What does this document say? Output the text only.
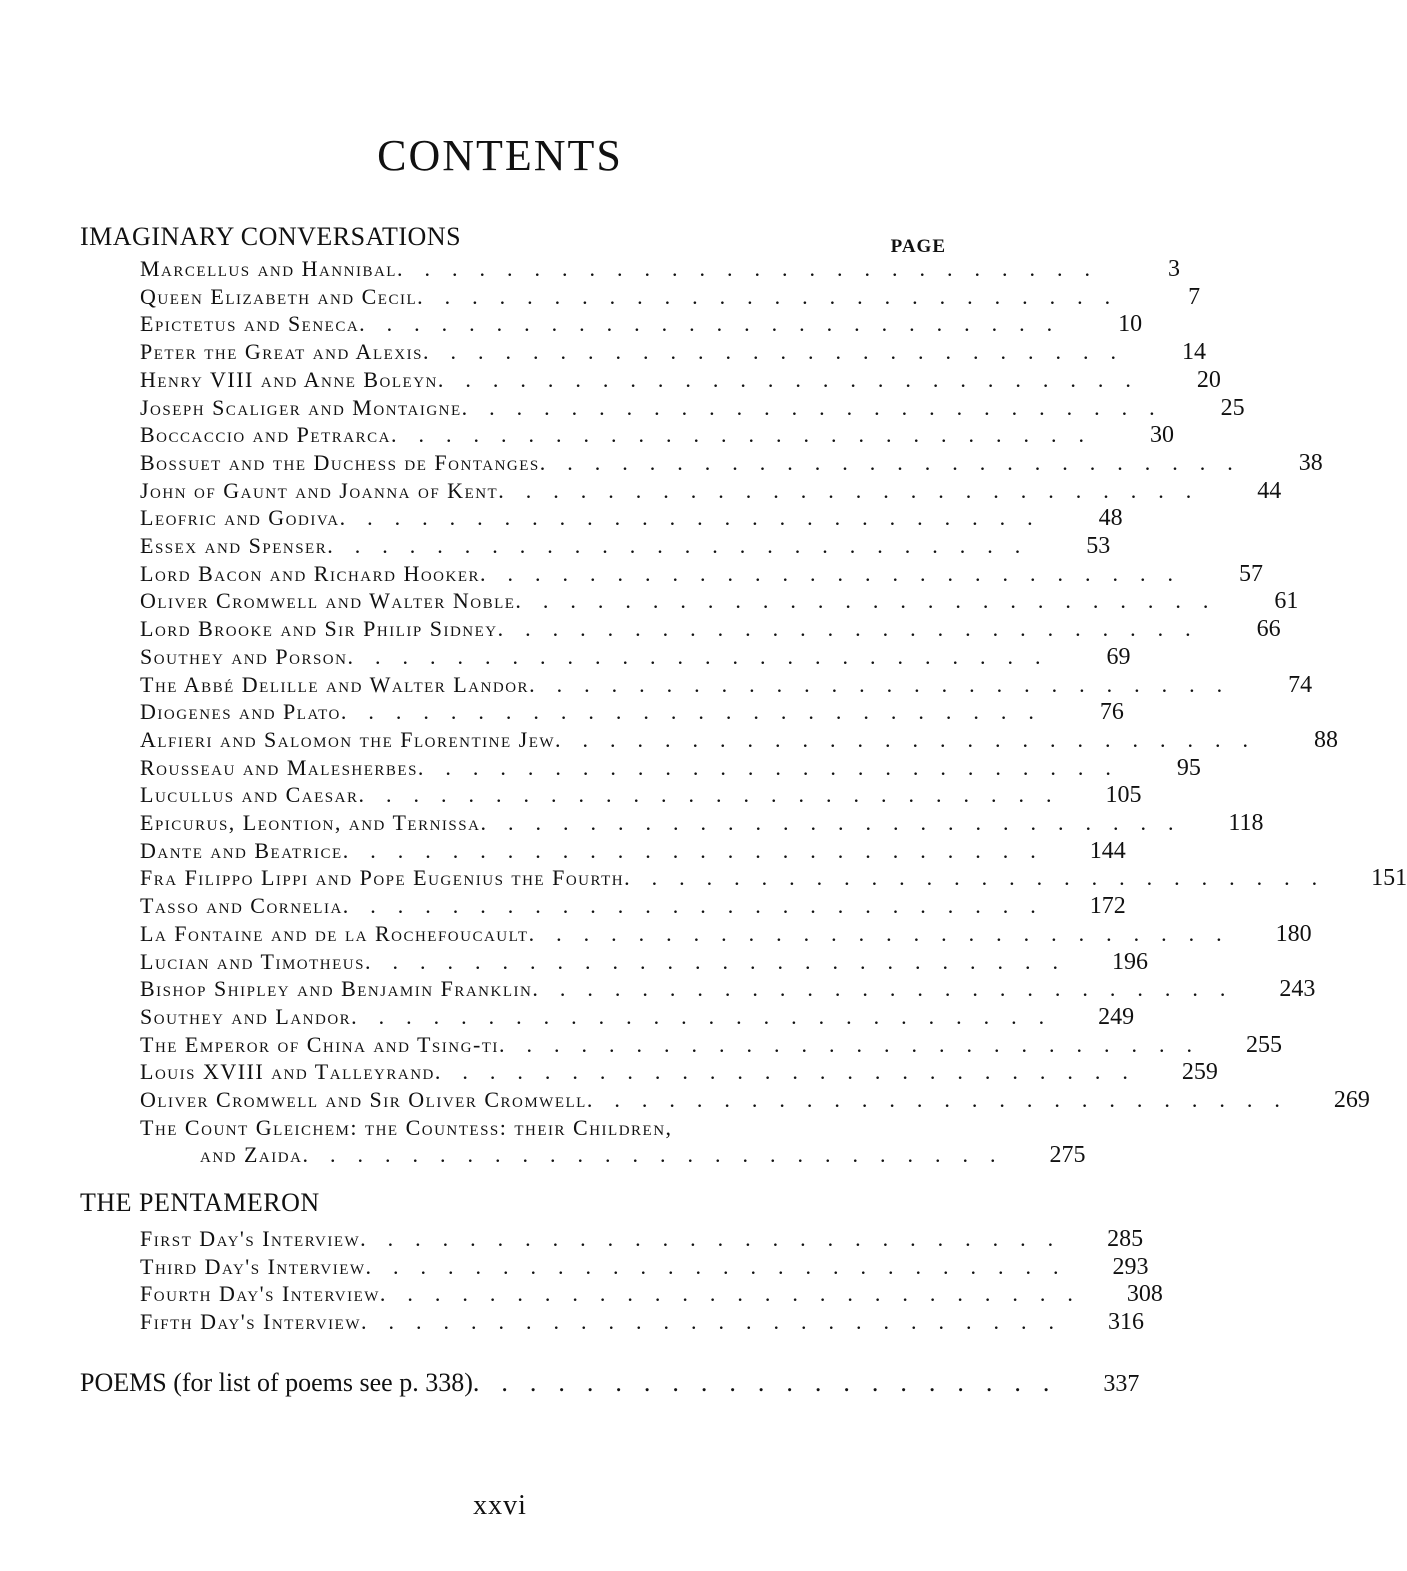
CONTENTS
IMAGINARY CONVERSATIONS	PAGE
Marcellus and Hannibal ..........................	3
Queen Elizabeth and Cecil ..........................	7
Epictetus and Seneca ..........................	10
Peter the Great and Alexis ..........................	14
Henry VIII and Anne Boleyn ..........................	20
Joseph Scaliger and Montaigne ..........................	25
Boccaccio and Petrarca ..........................	30
Bossuet and the Duchess de Fontanges ..........................	38
John of Gaunt and Joanna of Kent ..........................	44
Leofric and Godiva ..........................	48
Essex and Spenser ..........................	53
Lord Bacon and Richard Hooker ..........................	57
Oliver Cromwell and Walter Noble ..........................	61
Lord Brooke and Sir Philip Sidney ..........................	66
Southey and Porson ..........................	69
The Abbé Delille and Walter Landor ..........................	74
Diogenes and Plato ..........................	76
Alfieri and Salomon the Florentine Jew ..........................	88
Rousseau and Malesherbes ..........................	95
Lucullus and Caesar ..........................	105
Epicurus, Leontion, and Ternissa ..........................	118
Dante and Beatrice ..........................	144
Fra Filippo Lippi and Pope Eugenius the Fourth ..........................	151
Tasso and Cornelia ..........................	172
La Fontaine and de la Rochefoucault ..........................	180
Lucian and Timotheus ..........................	196
Bishop Shipley and Benjamin Franklin ..........................	243
Southey and Landor ..........................	249
The Emperor of China and Tsing-ti ..........................	255
Louis XVIII and Talleyrand ..........................	259
Oliver Cromwell and Sir Oliver Cromwell ..........................	269
The Count Gleichem: the Countess: their Children,
and Zaida ..........................	275
THE PENTAMERON
First Day's Interview ..........................	285
Third Day's Interview ..........................	293
Fourth Day's Interview ..........................	308
Fifth Day's Interview ..........................	316
POEMS (for list of poems see p. 338) .....................	337
xxvi
